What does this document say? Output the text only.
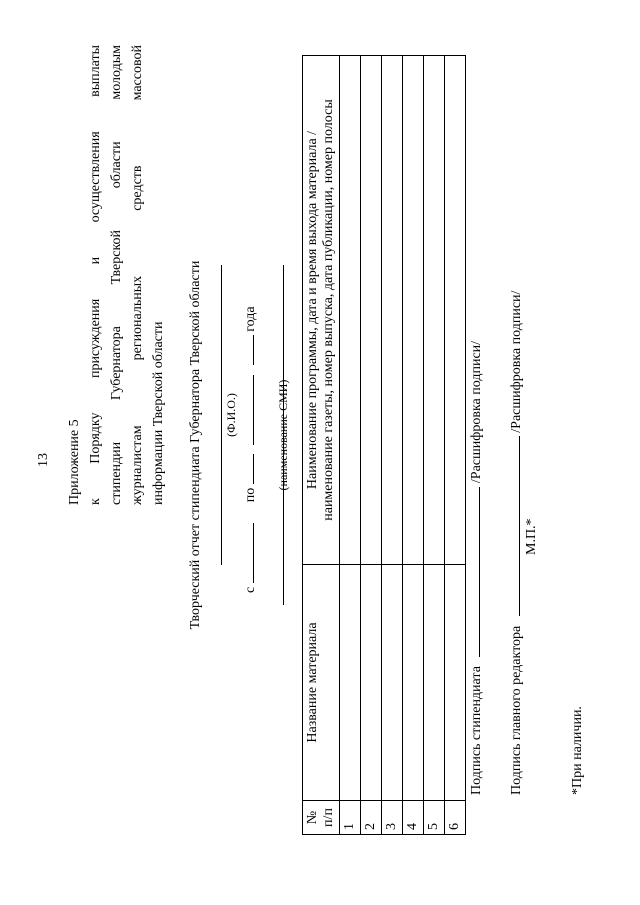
13 Приложение 5 к Порядку присуждения и осуществления выплаты стипендии Губернатора Тверской области молодым журналистам региональных средств массовой информации Тверской области Творческий отчет стипендиата Губернатора Тверской области (Ф.И.О.)
с   по    года
(наименование СМИ)
№ п/п	Название материала	Наименование программы, дата и время выхода материала / наименование газеты, номер выпуска, дата публикации, номер полосы

1		
2		
3		
4		
5		
6		
Подпись стипендиата  /Расшифровка подписи/
Подпись главного редактора  /Расшифровка подписи/
М.П.*
*При наличии.
